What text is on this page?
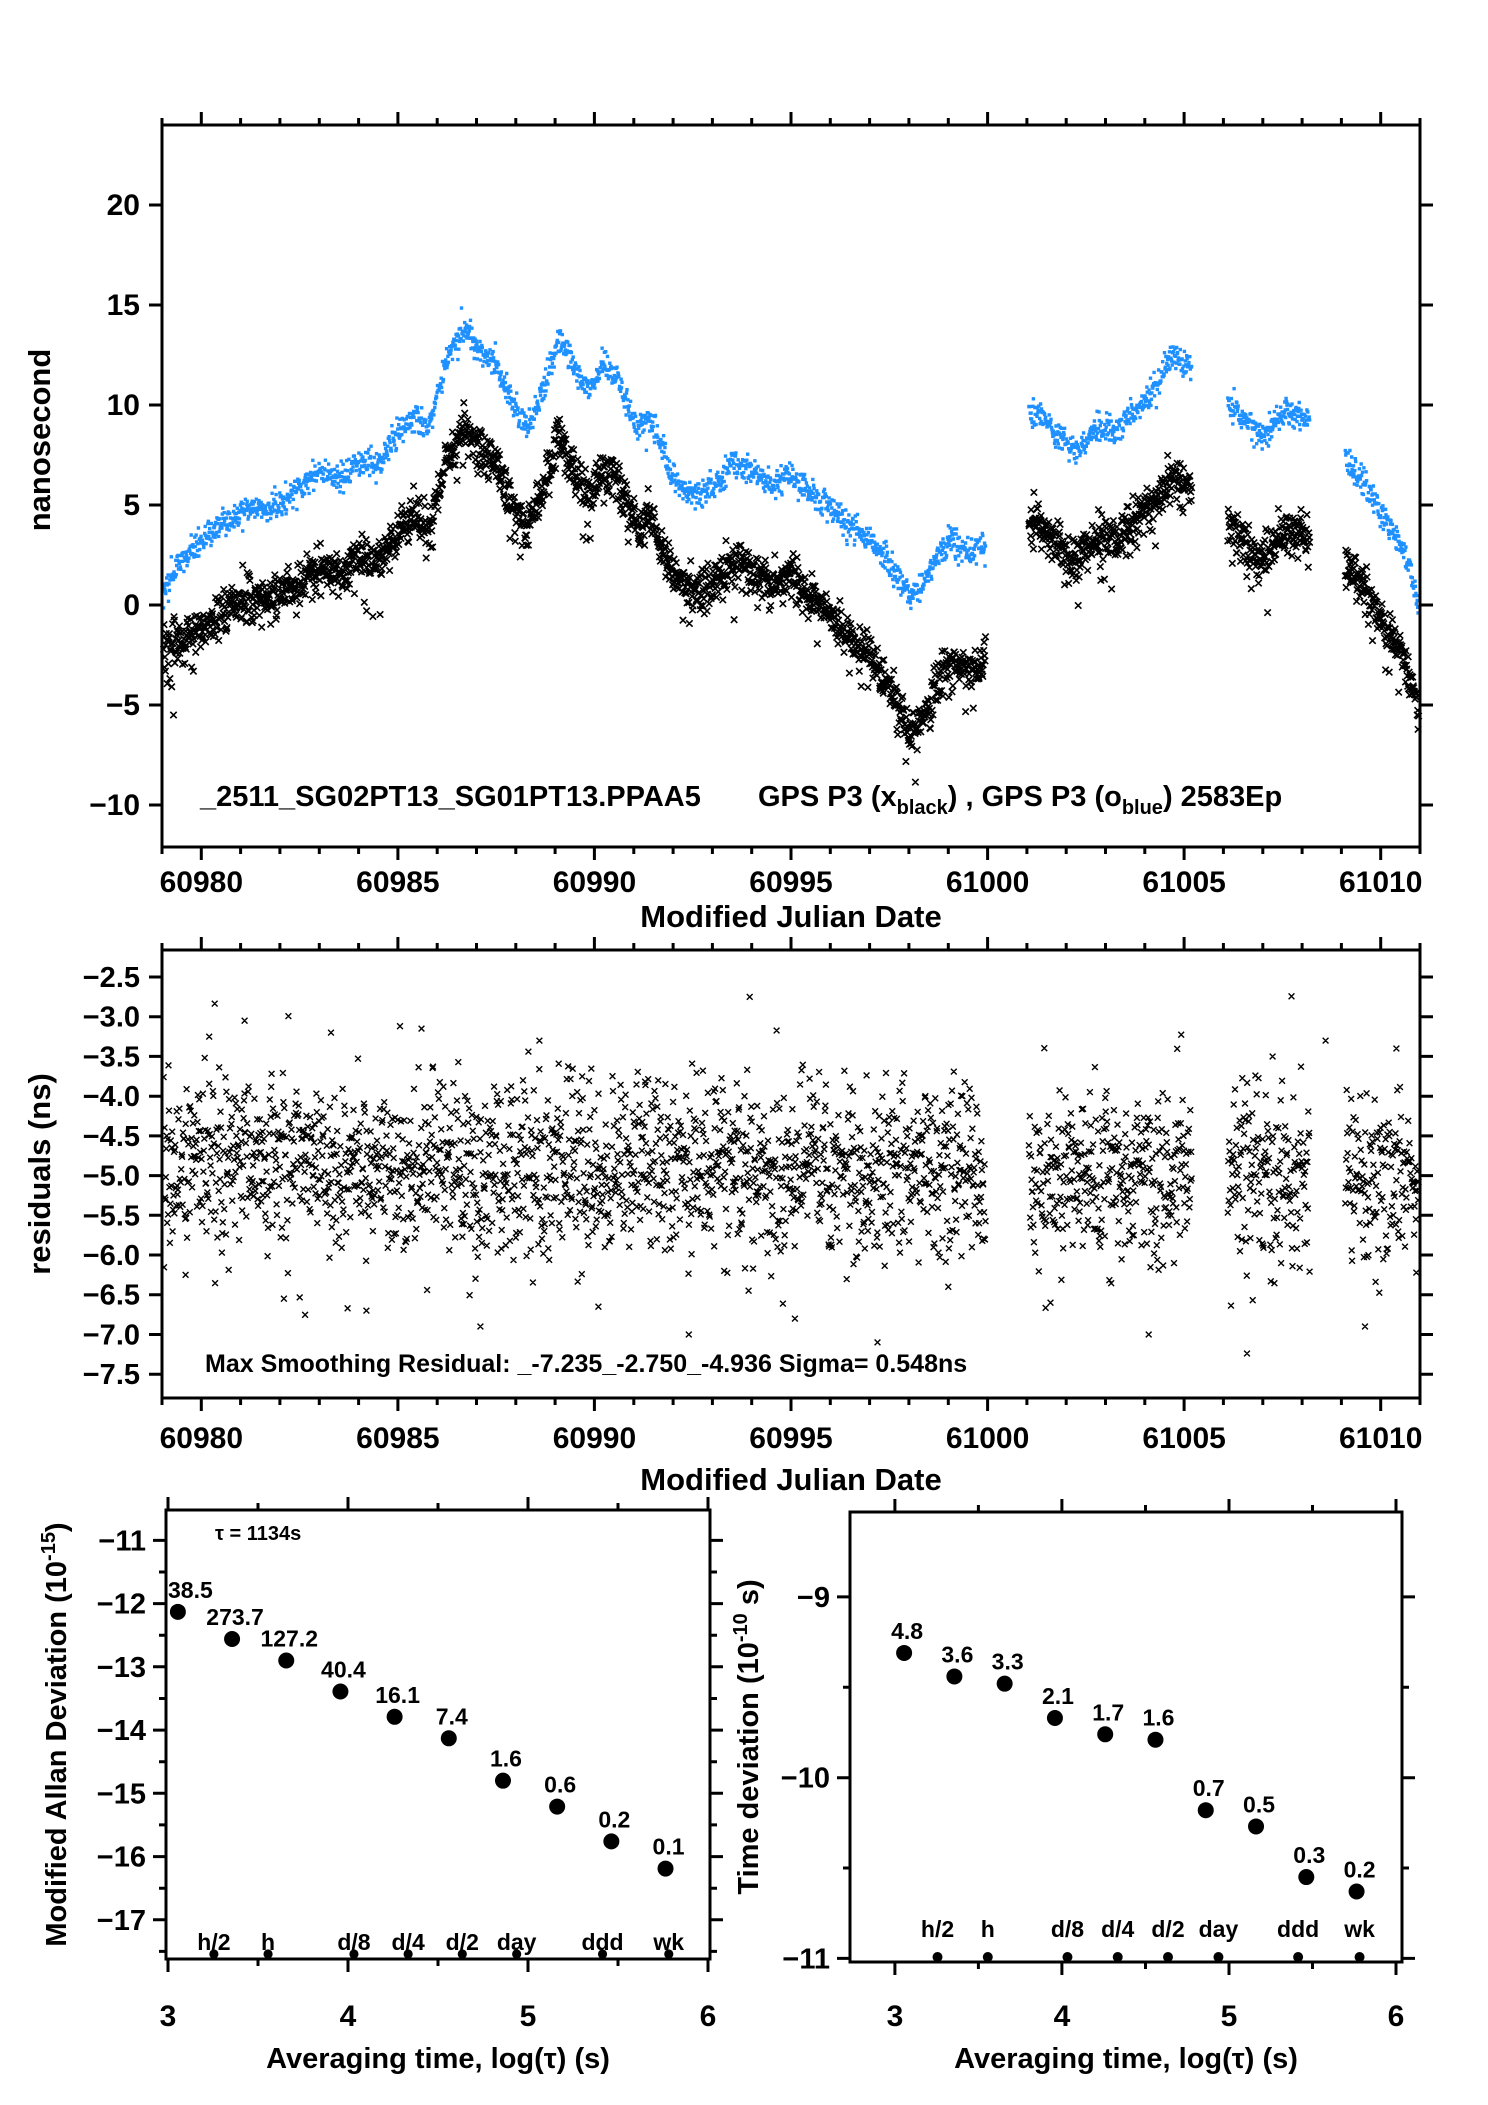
20
15
10
5
0
−5
−10
60980	60985	60990	60995	61000	61005	61010
Modified Julian Date
nanosecond
_2511_SG02PT13_SG01PT13.PPAA5 GPS P3 $(x_{black})$ , GPS P3 $(o_{blue})$ 2583Ep
−2.5
−3.0
−3.5
−4.0
−4.5
−5.0
−5.5
−6.0
−6.5
−7.0
−7.5
60980	60985	60990	60995	61000	61005	61010
Modified Julian Date
residuals (ns)
Max Smoothing Residual: _-7.235_-2.750_-4.936 Sigma= 0.548ns
−11
−12
−13
−14
−15
−16
−17
3	4	5	6
Averaging time, log(τ) (s)
Modified Allan Deviation $(10^{-15})$	τ = 1134s
h/2 h	d/8 d/4 d/2 day ddd wk
38.5
273.7
127.2
40.4
16.1
7.4
1.6
0.6
0.2
0.1
−9
−10
−11
3	4	5	6
Averaging time, log(τ) (s)
Time deviation ($10^{-10}$ s)
h/2 h d/8 d/4 d/2 day ddd wk
4.8
3.6 3.3
2.1
1.7 1.6
0.7
0.5
0.3
0.2
